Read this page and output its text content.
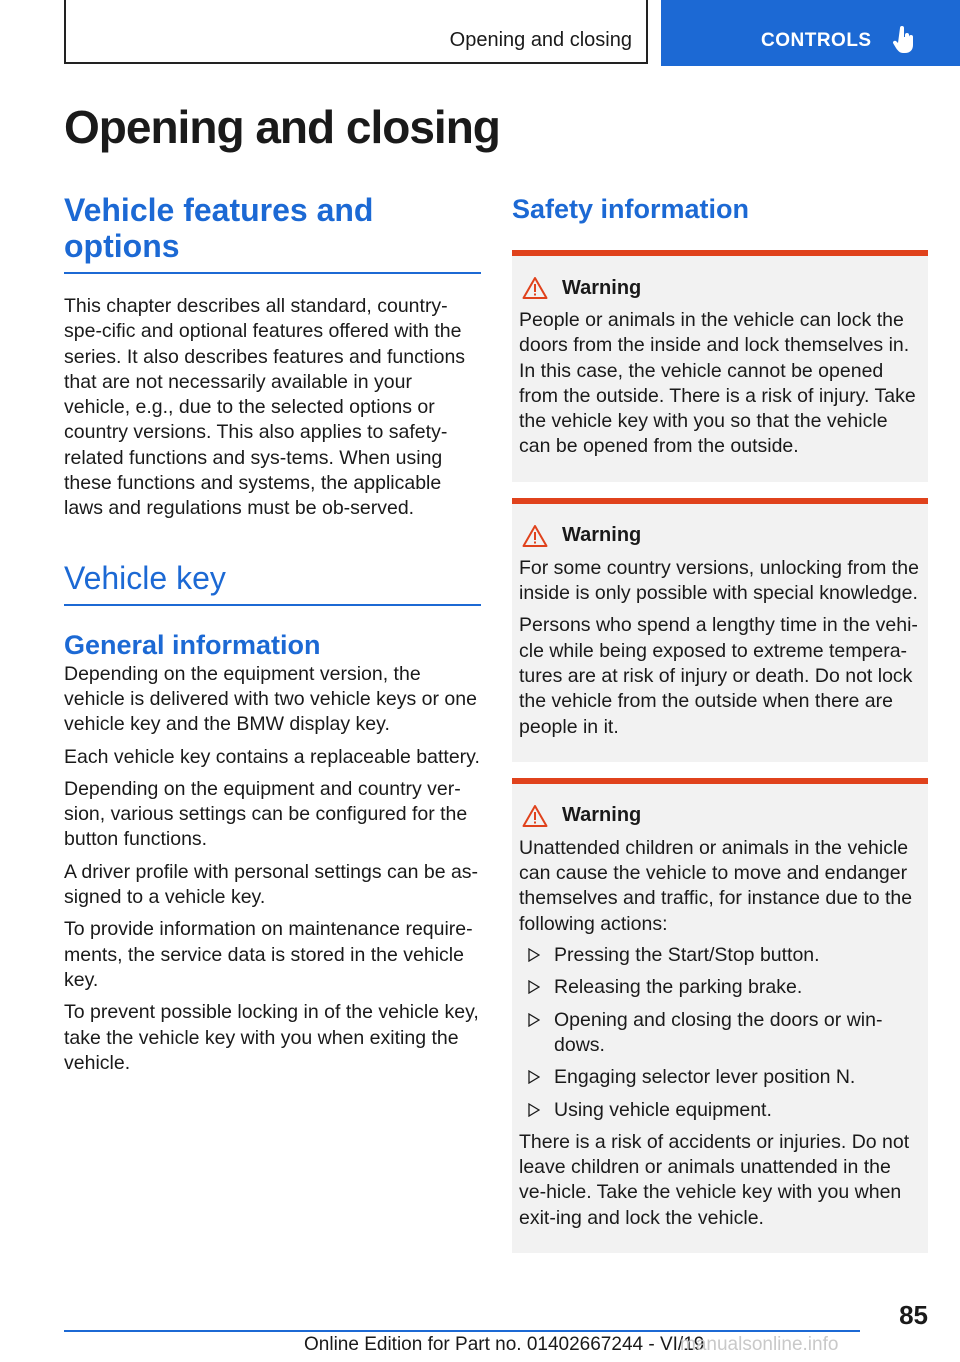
Opening and closing	CONTROLS
Opening and closing
Vehicle features and options

This chapter describes all standard, country-spe-cific and optional features offered with the series. It also describes features and functions that are not necessarily available in your vehicle, e.g., due to the selected options or country versions. This also applies to safety-related functions and sys-tems. When using these functions and systems, the applicable laws and regulations must be ob-served.

Vehicle key
General information

Depending on the equipment version, the vehicle is delivered with two vehicle keys or one vehicle key and the BMW display key.

Each vehicle key contains a replaceable battery.

Depending on the equipment and country ver-sion, various settings can be configured for the button functions.

A driver profile with personal settings can be as-signed to a vehicle key.

To provide information on maintenance require-ments, the service data is stored in the vehicle key.

To prevent possible locking in of the vehicle key, take the vehicle key with you when exiting the vehicle.

Safety information
Warning

People or animals in the vehicle can lock the doors from the inside and lock themselves in. In this case, the vehicle cannot be opened from the outside. There is a risk of injury. Take the vehicle key with you so that the vehicle can be opened from the outside.

Warning

For some country versions, unlocking from the inside is only possible with special knowledge.

Persons who spend a lengthy time in the vehi-cle while being exposed to extreme tempera-tures are at risk of injury or death. Do not lock the vehicle from the outside when there are people in it.

Warning

Unattended children or animals in the vehicle can cause the vehicle to move and endanger themselves and traffic, for instance due to the following actions:

Pressing the Start/Stop button.
Releasing the parking brake.
Opening and closing the doors or win-dows.
Engaging selector lever position N.
Using vehicle equipment.

There is a risk of accidents or injuries. Do not leave children or animals unattended in the ve-hicle. Take the vehicle key with you when exit-ing and lock the vehicle.

85
Online Edition for Part no. 01402667244 - VI/19
manualsonline.info
